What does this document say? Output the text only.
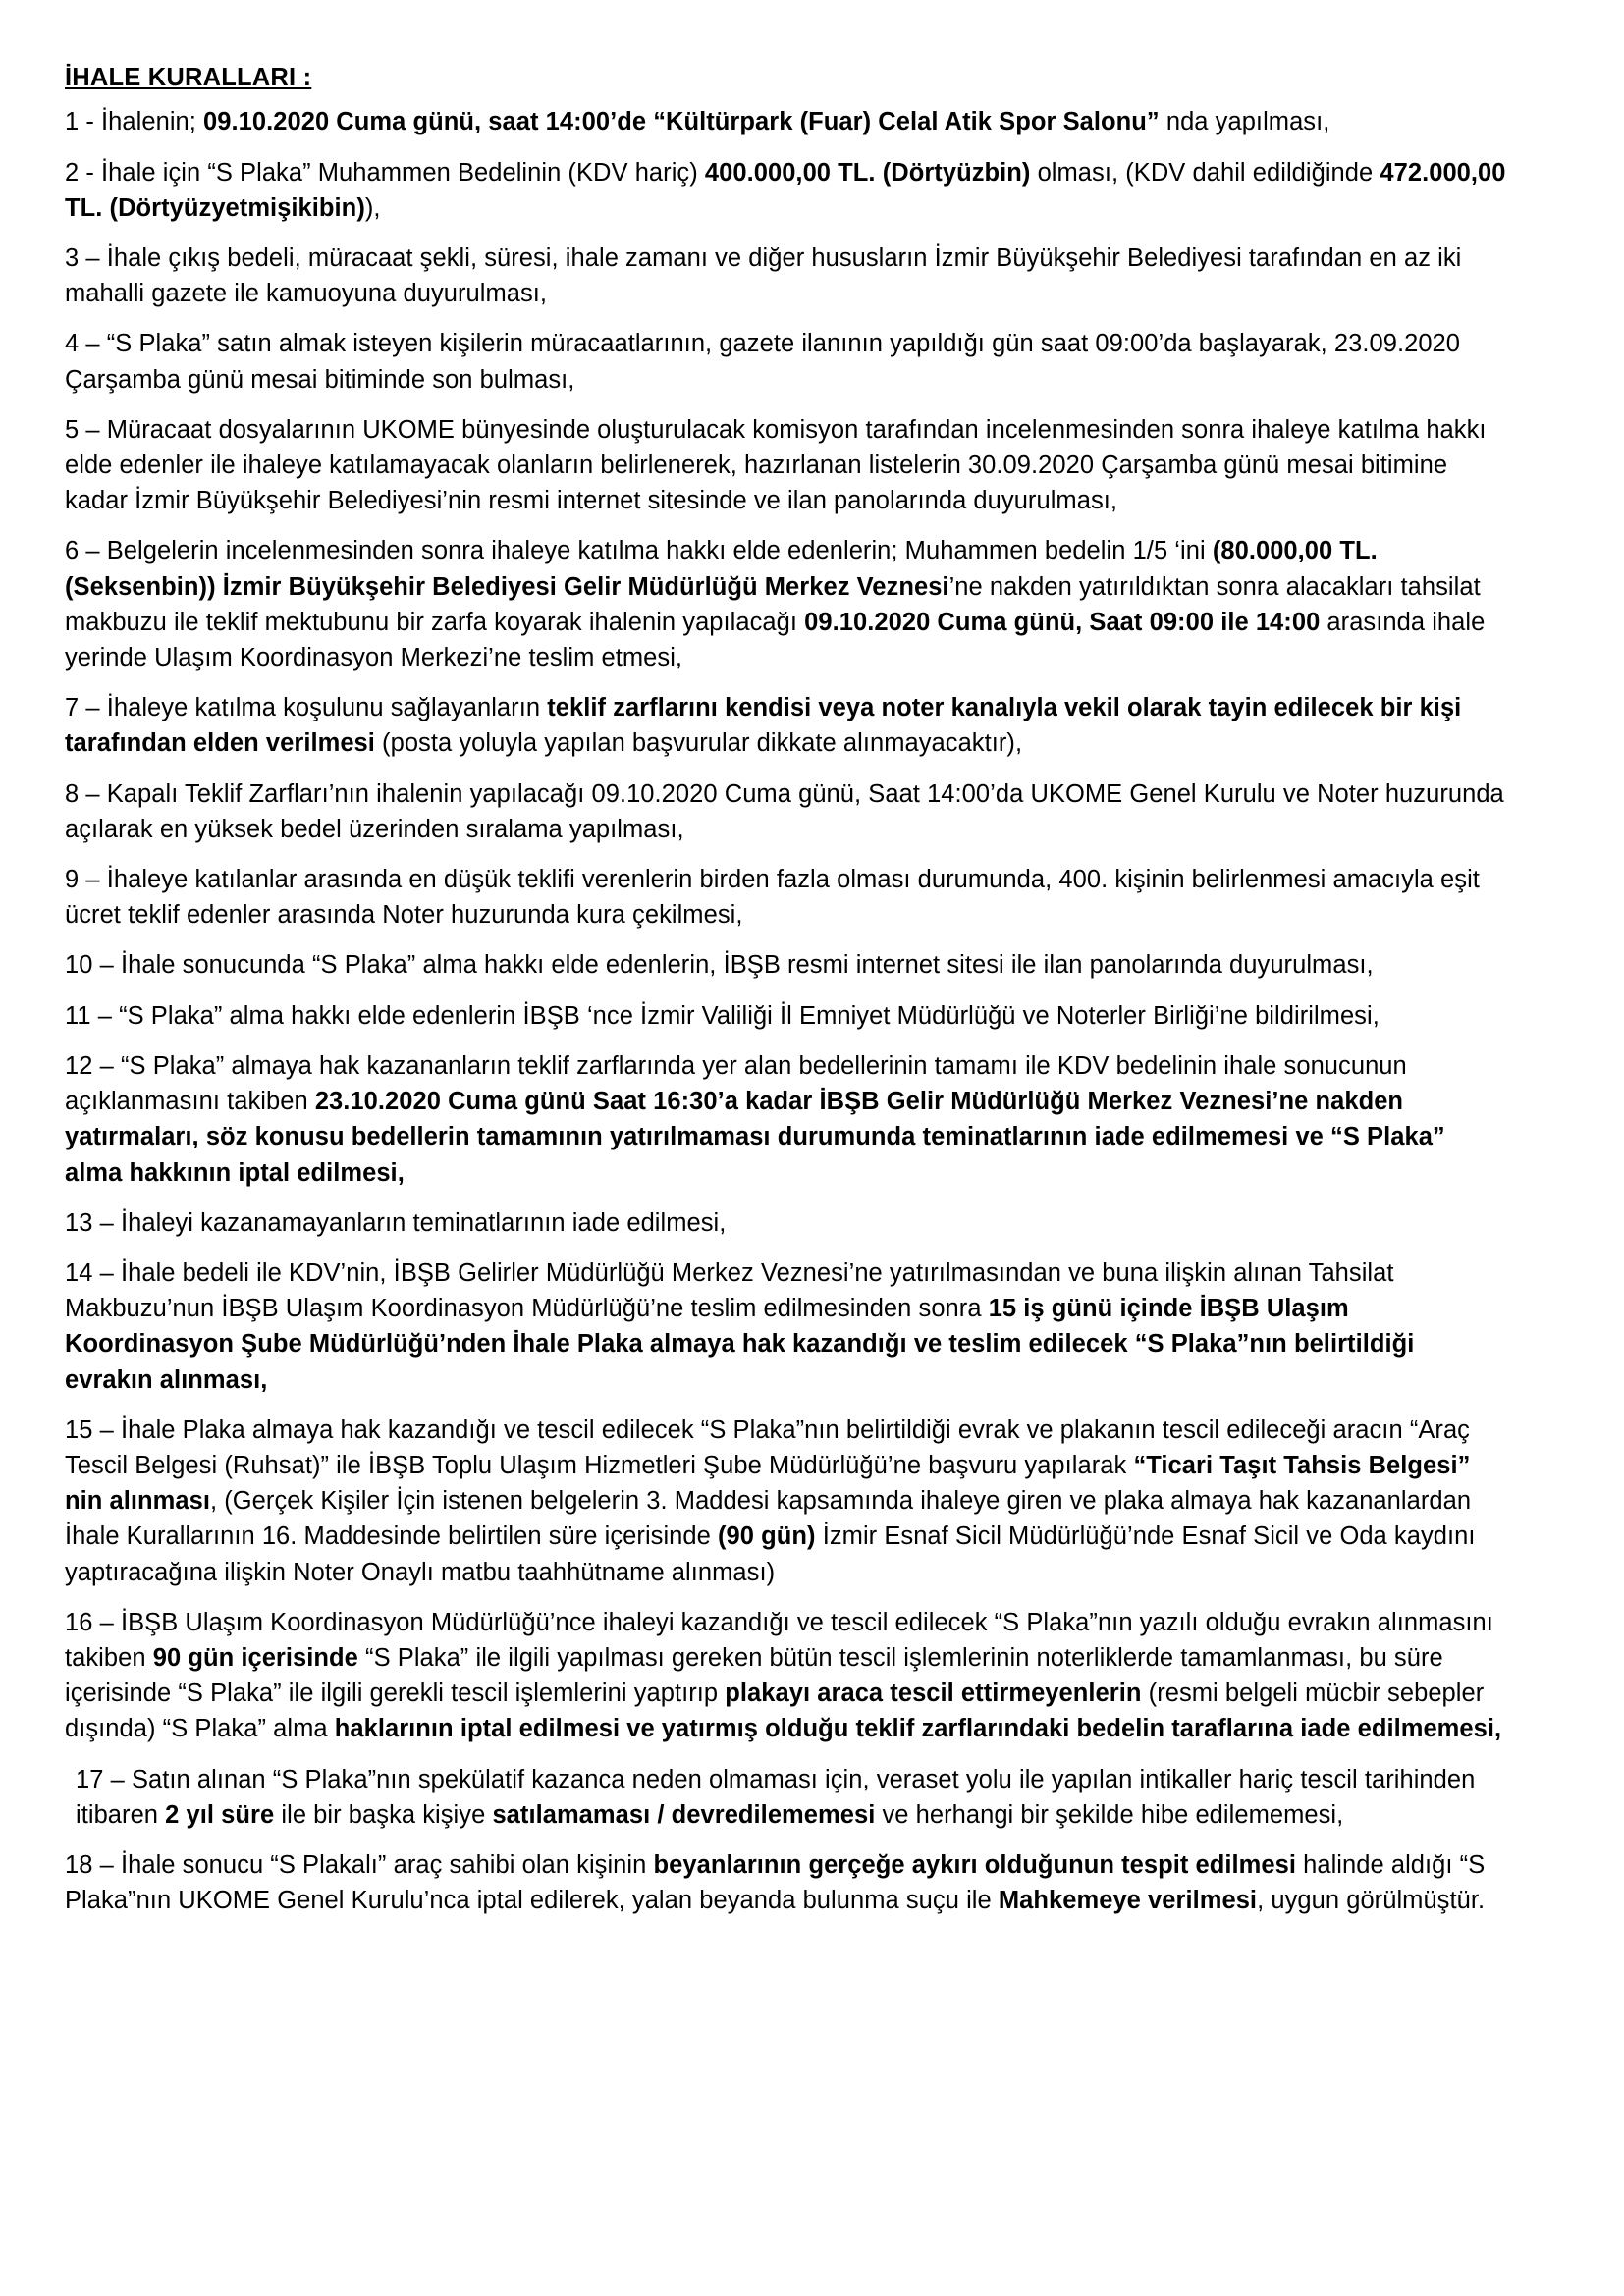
İHALE KURALLARI :

1 - İhalenin; 09.10.2020 Cuma günü, saat 14:00’de “Kültürpark (Fuar) Celal Atik Spor Salonu” nda yapılması,

2 - İhale için “S Plaka” Muhammen Bedelinin (KDV hariç) 400.000,00 TL. (Dörtyüzbin) olması, (KDV dahil edildiğinde 472.000,00 TL. (Dörtyüzyetmişikibin)),

3 – İhale çıkış bedeli, müracaat şekli, süresi, ihale zamanı ve diğer hususların İzmir Büyükşehir Belediyesi tarafından en az iki mahalli gazete ile kamuoyuna duyurulması,

4 – “S Plaka” satın almak isteyen kişilerin müracaatlarının, gazete ilanının yapıldığı gün saat 09:00’da başlayarak, 23.09.2020 Çarşamba günü mesai bitiminde son bulması,

5 – Müracaat dosyalarının UKOME bünyesinde oluşturulacak komisyon tarafından incelenmesinden sonra ihaleye katılma hakkı elde edenler ile ihaleye katılamayacak olanların belirlenerek, hazırlanan listelerin 30.09.2020 Çarşamba günü mesai bitimine kadar İzmir Büyükşehir Belediyesi’nin resmi internet sitesinde ve ilan panolarında duyurulması,

6 – Belgelerin incelenmesinden sonra ihaleye katılma hakkı elde edenlerin; Muhammen bedelin 1/5 ‘ini (80.000,00 TL. (Seksenbin)) İzmir Büyükşehir Belediyesi Gelir Müdürlüğü Merkez Veznesi’ne nakden yatırıldıktan sonra alacakları tahsilat makbuzu ile teklif mektubunu bir zarfa koyarak ihalenin yapılacağı 09.10.2020 Cuma günü, Saat 09:00 ile 14:00 arasında ihale yerinde Ulaşım Koordinasyon Merkezi’ne teslim etmesi,

7 – İhaleye katılma koşulunu sağlayanların teklif zarflarını kendisi veya noter kanalıyla vekil olarak tayin edilecek bir kişi tarafından elden verilmesi (posta yoluyla yapılan başvurular dikkate alınmayacaktır),

8 – Kapalı Teklif Zarfları’nın ihalenin yapılacağı 09.10.2020 Cuma günü, Saat 14:00’da UKOME Genel Kurulu ve Noter huzurunda açılarak en yüksek bedel üzerinden sıralama yapılması,

9 – İhaleye katılanlar arasında en düşük teklifi verenlerin birden fazla olması durumunda, 400. kişinin belirlenmesi amacıyla eşit ücret teklif edenler arasında Noter huzurunda kura çekilmesi,

10 – İhale sonucunda “S Plaka” alma hakkı elde edenlerin, İBŞB resmi internet sitesi ile ilan panolarında duyurulması,

11 – “S Plaka” alma hakkı elde edenlerin İBŞB ‘nce İzmir Valiliği İl Emniyet Müdürlüğü ve Noterler Birliği’ne bildirilmesi,

12 – “S Plaka” almaya hak kazananların teklif zarflarında yer alan bedellerinin tamamı ile KDV bedelinin ihale sonucunun açıklanmasını takiben 23.10.2020 Cuma günü Saat 16:30’a kadar İBŞB Gelir Müdürlüğü Merkez Veznesi’ne nakden yatırmaları, söz konusu bedellerin tamamının yatırılmaması durumunda teminatlarının iade edilmemesi ve “S Plaka” alma hakkının iptal edilmesi,

13 – İhaleyi kazanamayanların teminatlarının iade edilmesi,

14 – İhale bedeli ile KDV’nin, İBŞB Gelirler Müdürlüğü Merkez Veznesi’ne yatırılmasından ve buna ilişkin alınan Tahsilat Makbuzu’nun İBŞB Ulaşım Koordinasyon Müdürlüğü’ne teslim edilmesinden sonra 15 iş günü içinde İBŞB Ulaşım Koordinasyon Şube Müdürlüğü’nden İhale Plaka almaya hak kazandığı ve teslim edilecek “S Plaka”nın belirtildiği evrakın alınması,

15 – İhale Plaka almaya hak kazandığı ve tescil edilecek “S Plaka”nın belirtildiği evrak ve plakanın tescil edileceği aracın “Araç Tescil Belgesi (Ruhsat)” ile İBŞB Toplu Ulaşım Hizmetleri Şube Müdürlüğü’ne başvuru yapılarak “Ticari Taşıt Tahsis Belgesi” nin alınması, (Gerçek Kişiler İçin istenen belgelerin 3. Maddesi kapsamında ihaleye giren ve plaka almaya hak kazananlardan İhale Kurallarının 16. Maddesinde belirtilen süre içerisinde (90 gün) İzmir Esnaf Sicil Müdürlüğü’nde Esnaf Sicil ve Oda kaydını yaptıracağına ilişkin Noter Onaylı matbu taahhütname alınması)

16 – İBŞB Ulaşım Koordinasyon Müdürlüğü’nce ihaleyi kazandığı ve tescil edilecek “S Plaka”nın yazılı olduğu evrakın alınmasını takiben 90 gün içerisinde “S Plaka” ile ilgili yapılması gereken bütün tescil işlemlerinin noterliklerde tamamlanması, bu süre içerisinde “S Plaka” ile ilgili gerekli tescil işlemlerini yaptırıp plakayı araca tescil ettirmeyenlerin (resmi belgeli mücbir sebepler dışında) “S Plaka” alma haklarının iptal edilmesi ve yatırmış olduğu teklif zarflarındaki bedelin taraflarına iade edilmemesi,

17 – Satın alınan “S Plaka”nın spekülatif kazanca neden olmaması için, veraset yolu ile yapılan intikaller hariç tescil tarihinden itibaren 2 yıl süre ile bir başka kişiye satılamaması / devredilememesi ve herhangi bir şekilde hibe edilememesi,

18 – İhale sonucu “S Plakalı” araç sahibi olan kişinin beyanlarının gerçeğe aykırı olduğunun tespit edilmesi halinde aldığı “S Plaka”nın UKOME Genel Kurulu’nca iptal edilerek, yalan beyanda bulunma suçu ile Mahkemeye verilmesi, uygun görülmüştür.
